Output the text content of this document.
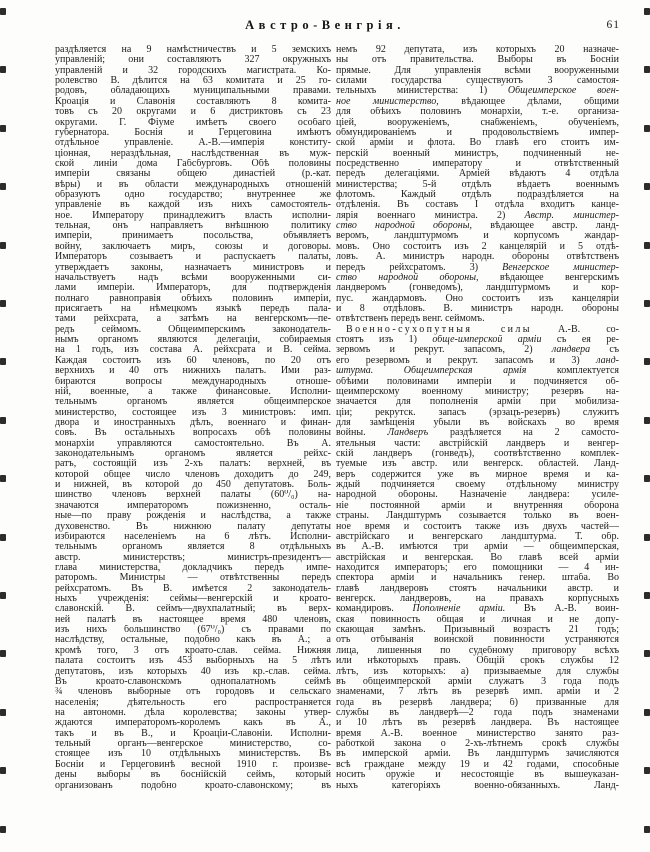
Австро-Венгрія.	61
раздѣляется на 9 намѣстничествъ и 5 земскихъ
управленій; они составляютъ 327 окружныхъ
управленій и 32 городскихъ магистрата. Ко-
ролевство В. дѣлится на 63 комитата и 25 го-
родовъ, обладающихъ муниципальными правами.
Кроація и Славонія составляютъ 8 комита-
товъ съ 20 округами и 6 дистриктовъ съ 23
округами. Г. Фіуме имѣетъ своего особаго
губернатора. Боснія и Герцеговина имѣютъ
отдѣльное управленіе. А.-В.—имперія конститу-
ціонная, нераздѣльная, наслѣдственная въ муж-
ской линіи дома Габсбурговъ. Обѣ половины
имперіи связаны общею династіей (р.-кат.
вѣры) и въ области международныхъ отношеній
образуютъ одно государство; внутреннее же
управленіе въ каждой изъ нихъ самостоятель-
ное. Императору принадлежитъ власть исполни-
тельная, онъ направляетъ внѣшнюю политику
имперіи, принимаетъ посольства, объявляетъ
войну, заключаетъ миръ, союзы и договоры.
Императоръ созываетъ и распускаетъ палаты,
утверждаетъ законы, назначаетъ министровъ и
начальствуетъ надъ всѣми вооруженными си-
лами имперіи. Императоръ, для подтвержденія
полнаго равноправія обѣихъ половинъ имперіи,
присягаетъ на нѣмецкомъ языкѣ передъ пала-
тами рейхсрата, а затѣмъ на венгерскомъ—пе-
редъ сеймомъ. Общеимперскимъ законодатель-
нымъ органомъ являются делегаціи, собираемыя
на 1 годъ, изъ состава А. рейхсрата и В. сейма.
Каждая состоитъ изъ 60 членовъ, по 20 отъ
верхнихъ и 40 отъ нижнихъ палатъ. Ими раз-
бираются вопросы международныхъ отноше-
ній, военные, а также финансовые. Исполни-
тельнымъ органомъ является общеимперское
министерство, состоящее изъ 3 министровъ: имп.
двора и иностранныхъ дѣлъ, военнаго и финан-
совъ. Въ остальныхъ вопросахъ обѣ половины
монархіи управляются самостоятельно. Въ А.
законодательнымъ органомъ является рейхс-
ратъ, состоящій изъ 2-хъ палатъ: верхней, въ
которой общее число членовъ доходитъ до 249,
и нижней, въ которой до 450 депутатовъ. Боль-
шинство членовъ верхней палаты (60⁰/₀) на-
значаются императоромъ пожизненно, осталь-
ные—по праву рожденія и наслѣдства, а также
духовенство. Въ нижнюю палату депутаты
избираются населеніемъ на 6 лѣтъ. Исполни-
тельнымъ органомъ является 8 отдѣльныхъ
австр. министерствъ; министръ-президентъ—
глава министерства, докладчикъ передъ импе-
раторомъ. Министры — отвѣтственны передъ
рейхсратомъ. Въ В. имѣется 2 законодатель-
ныхъ учрежденія: сеймы—венгерскій и кроато-
славонскій. В. сеймъ—двухпалатный; въ верх-
ней палатѣ въ настоящее время 480 членовъ,
изъ нихъ большинство (67⁰/₀) съ правами по
наслѣдству, остальные, подобно какъ въ А.; а
кромѣ того, 3 отъ кроато-слав. сейма. Нижняя
палата состоитъ изъ 453 выборныхъ на 5 лѣтъ
депутатовъ, изъ которыхъ 40 изъ кр.-слав. сейма.
Въ кроато-славонскомъ однопалатномъ сеймѣ
¾ членовъ выборные отъ городовъ и сельскаго
населенія; дѣятельность его распространяется
на автономн. дѣла королевства; законы утвер-
ждаются императоромъ-королемъ какъ въ А.,
такъ и въ В., и Кроаціи-Славоніи. Исполни-
тельный органъ—венгерское министерство, со-
стоящее изъ 10 отдѣльныхъ министерствъ. Въ
Босніи и Герцеговинѣ весной 1910 г. произве-
дены выборы въ боснійскій сеймъ, который
организованъ подобно кроато-славонскому; въ
немъ 92 депутата, изъ которыхъ 20 назначе-
ны отъ правительства. Выборы въ Босніи
прямые. Для управленія всѣми вооруженными
силами государства существуютъ 3 самостоя-
тельныхъ министерства: 1) Общеимперское воен-
ное министерство, вѣдающее дѣлами, общими
для обѣихъ половинъ монархіи, т.-е. организа-
ціей, вооруженіемъ, снабженіемъ, обученіемъ,
обмундированіемъ и продовольствіемъ импер-
ской арміи и флота. Во главѣ его стоитъ им-
перскій военный министръ, подчиненный не-
посредственно императору и отвѣтственный
передъ делегаціями. Арміей вѣдаютъ 4 отдѣла
министерства; 5-й отдѣлъ вѣдаетъ военнымъ
флотомъ. Каждый отдѣлъ подраздѣляется на
отдѣленія. Въ составъ I отдѣла входитъ канце-
лярія военнаго министра. 2) Австр. министер-
ство народной обороны, вѣдающее австр. ланд-
веромъ, ландштурмомъ и корпусомъ жандар-
мовъ. Оно состоитъ изъ 2 канцелярій и 5 отдѣ-
ловъ. А. министръ народн. обороны отвѣтственъ
передъ рейхсратомъ. 3) Венгерское министер-
ство народной обороны, вѣдающее венгерскимъ
ландверомъ (гонведомъ), ландштурмомъ и кор-
пус. жандармовъ. Оно состоитъ изъ канцеляріи
и 8 отдѣловъ. В. министръ народн. обороны
отвѣтственъ передъ венг. сеймомъ.
Военно-сухопутныя силы А.-В. со-
стоятъ изъ 1) обще-имперской арміи съ ея ре-
зервомъ и рекрут. запасомъ, 2) ландвера съ
его резервомъ и рекрут. запасомъ и 3) ланд-
штурма. Общеимперская армія комплектуется
обѣими половинами имперіи и подчиняется об-
щеимперскому военному министру; резервъ на-
значается для пополненія арміи при мобилиза-
ціи; рекрутск. запасъ (эрзацъ-резервъ) служитъ
для замѣщенія убыли въ войскахъ во время
войны. Ландверъ раздѣляется на 2 самосто-
ятельныя части: австрійскій ландверъ и венгер-
скій ландверъ (гонведъ), соотвѣтственно комплек-
туемые изъ австр. или венгерск. областей. Ланд-
веръ содержится уже въ мирное время и ка-
ждый подчиняется своему отдѣльному министру
народной обороны. Назначеніе ландвера: усиле-
ніе постоянной арміи и внутренняя оборона
страны. Ландштурмъ созывается только въ воен-
ное время и состоитъ также изъ двухъ частей—
австрійскаго и венгерскаго ландштурма. Т. обр.
въ А.-В. имѣются три арміи — общеимперская,
австрійская и венгерская. Во главѣ всей арміи
находится императоръ; его помощники — 4 ин-
спектора арміи и начальникъ генер. штаба. Во
главѣ ландверовъ стоятъ начальники австр. и
венгерск. ландверовъ, на правахъ корпусныхъ
командировъ. Пополненіе арміи. Въ А.-В. воин-
ская повинность общая и личная и не допу-
скающая замѣнъ. Призывный возрастъ 21 годъ;
отъ отбыванія воинской повинности устраняются
лица, лишенныя по судебному приговору всѣхъ
или нѣкоторыхъ правъ. Общій срокъ службы 12
лѣтъ, изъ которыхъ: а) призываемые для службы
въ общеимперской арміи служатъ 3 года подъ
знаменами, 7 лѣтъ въ резервѣ имп. арміи и 2
года въ резервѣ ландвера; б) призванные для
службы въ ландверѣ—2 года подъ знаменами
и 10 лѣтъ въ резервѣ ландвера. Въ настоящее
время А.-В. военное министерство занято раз-
работкой закона о 2-хъ-лѣтнемъ срокѣ службы
въ имперской арміи. Въ ландштурмъ зачисляются
всѣ граждане между 19 и 42 годами, способные
носить оружіе и несостоящіе въ вышеуказан-
ныхъ категоріяхъ военно-обязанныхъ. Ланд-
